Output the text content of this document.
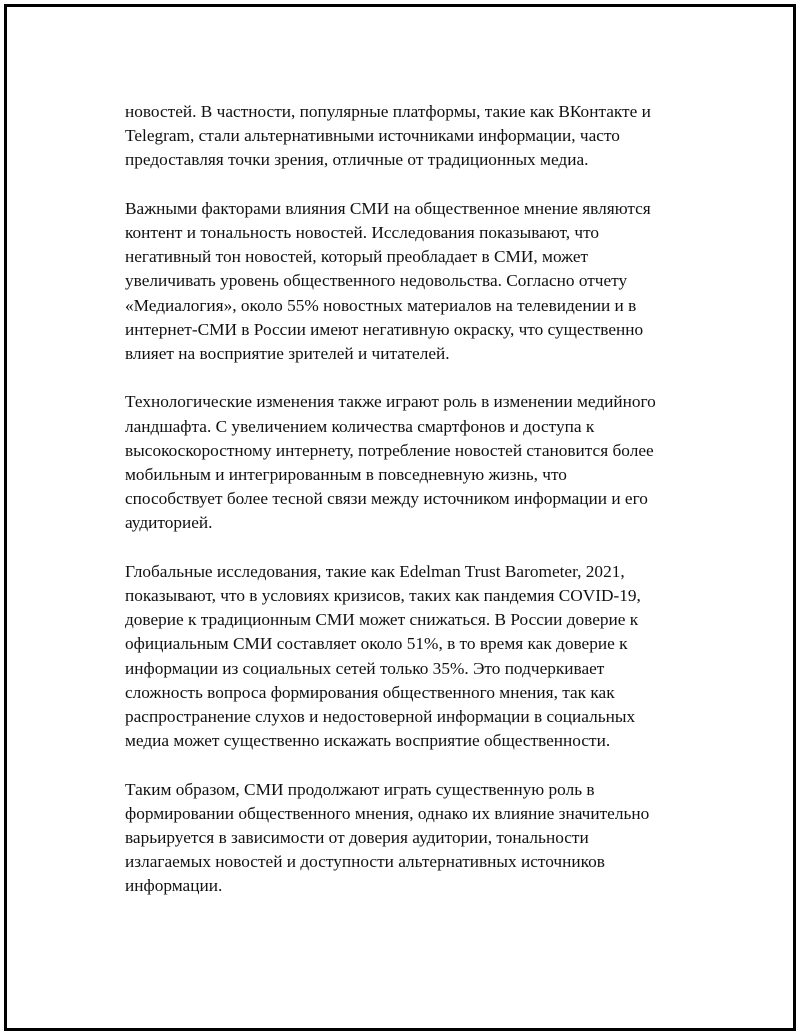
новостей. В частности, популярные платформы, такие как ВКонтакте и
Telegram, стали альтернативными источниками информации, часто
предоставляя точки зрения, отличные от традиционных медиа.

Важными факторами влияния СМИ на общественное мнение являются
контент и тональность новостей. Исследования показывают, что
негативный тон новостей, который преобладает в СМИ, может
увеличивать уровень общественного недовольства. Согласно отчету
«Медиалогия», около 55% новостных материалов на телевидении и в
интернет-СМИ в России имеют негативную окраску, что существенно
влияет на восприятие зрителей и читателей.

Технологические изменения также играют роль в изменении медийного
ландшафта. С увеличением количества смартфонов и доступа к
высокоскоростному интернету, потребление новостей становится более
мобильным и интегрированным в повседневную жизнь, что
способствует более тесной связи между источником информации и его
аудиторией.

Глобальные исследования, такие как Edelman Trust Barometer, 2021,
показывают, что в условиях кризисов, таких как пандемия COVID-19,
доверие к традиционным СМИ может снижаться. В России доверие к
официальным СМИ составляет около 51%, в то время как доверие к
информации из социальных сетей только 35%. Это подчеркивает
сложность вопроса формирования общественного мнения, так как
распространение слухов и недостоверной информации в социальных
медиа может существенно искажать восприятие общественности.

Таким образом, СМИ продолжают играть существенную роль в
формировании общественного мнения, однако их влияние значительно
варьируется в зависимости от доверия аудитории, тональности
излагаемых новостей и доступности альтернативных источников
информации.
